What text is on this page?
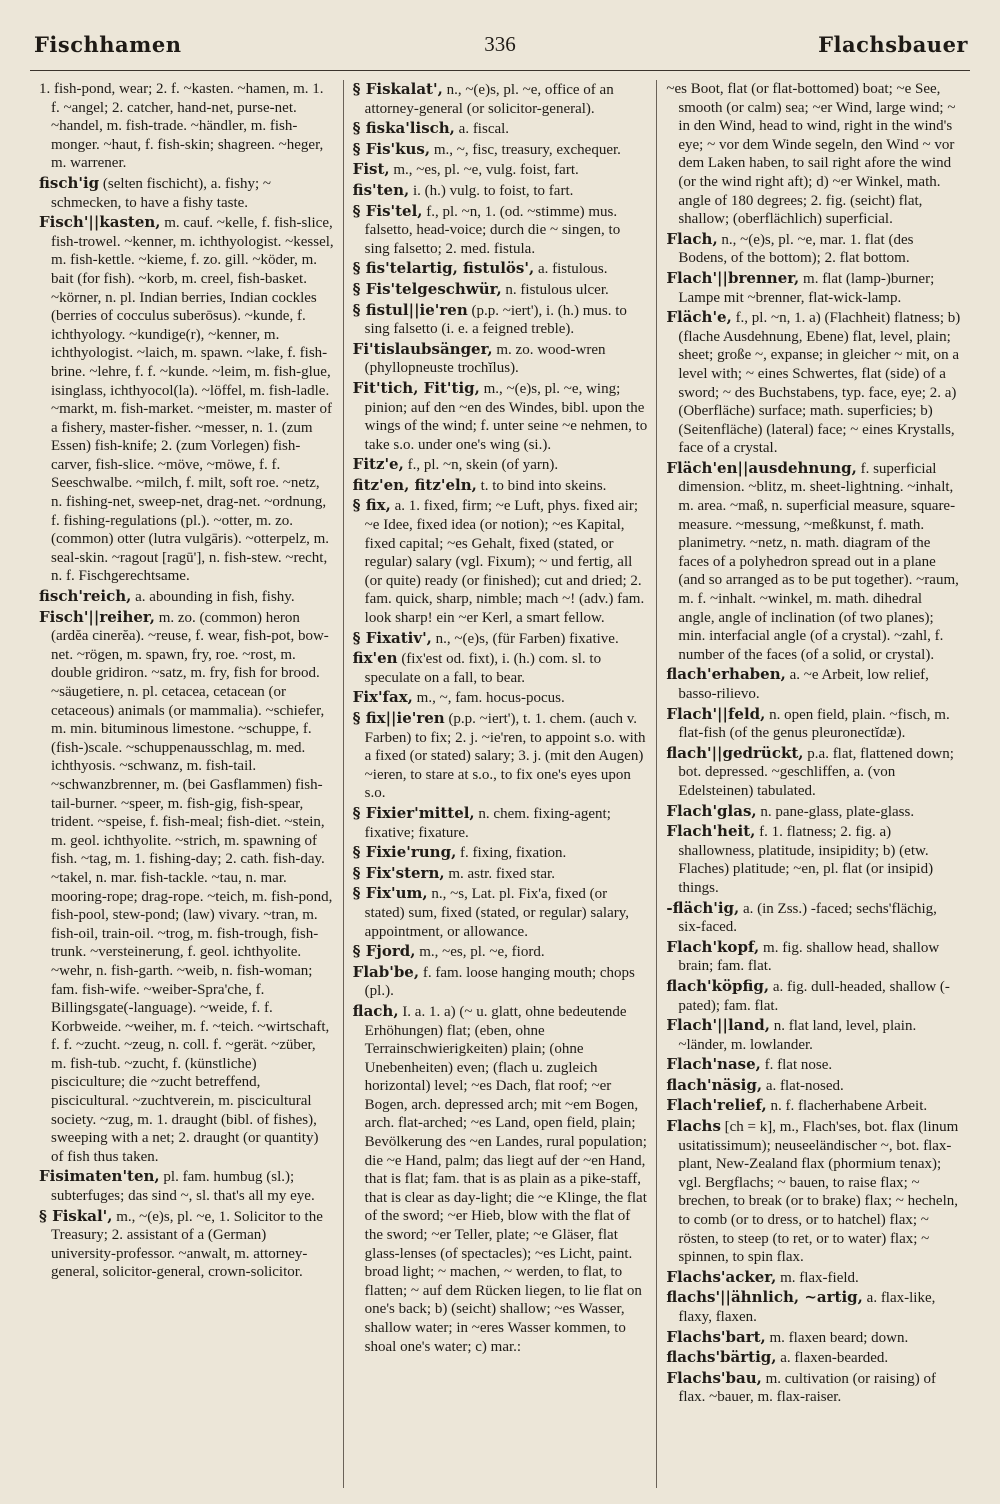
Fischhamen	336	Flachsbauer

1. fish-pond, wear; 2. f. ~kasten. ~hamen, m. 1. f. ~angel; 2. catcher, hand-net, purse-net. ~handel, m. fish-trade. ~händler, m. fish-monger. ~haut, f. fish-skin; shagreen. ~heger, m. warrener.

fisch'ig (selten fischicht), a. fishy; ~ schmecken, to have a fishy taste.

Fisch'||kasten, m. cauf. ~kelle, f. fish-slice, fish-trowel. ~kenner, m. ichthyologist. ~kessel, m. fish-kettle. ~kieme, f. zo. gill. ~köder, m. bait (for fish). ~korb, m. creel, fish-basket. ~körner, n. pl. Indian berries, Indian cockles (berries of cocculus suberōsus). ~kunde, f. ichthyology. ~kundige(r), ~kenner, m. ichthyologist. ~laich, m. spawn. ~lake, f. fish-brine. ~lehre, f. f. ~kunde. ~leim, m. fish-glue, isinglass, ichthyocol(la). ~löffel, m. fish-ladle. ~markt, m. fish-market. ~meister, m. master of a fishery, master-fisher. ~messer, n. 1. (zum Essen) fish-knife; 2. (zum Vorlegen) fish-carver, fish-slice. ~möve, ~möwe, f. f. Seeschwalbe. ~milch, f. milt, soft roe. ~netz, n. fishing-net, sweep-net, drag-net. ~ordnung, f. fishing-regulations (pl.). ~otter, m. zo. (common) otter (lutra vulgāris). ~otterpelz, m. seal-skin. ~ragout [ragū'], n. fish-stew. ~recht, n. f. Fischgerechtsame.

fisch'reich, a. abounding in fish, fishy.

Fisch'||reiher, m. zo. (common) heron (ardĕa cinerĕa). ~reuse, f. wear, fish-pot, bow-net. ~rögen, m. spawn, fry, roe. ~rost, m. double gridiron. ~satz, m. fry, fish for brood. ~säugetiere, n. pl. cetacea, cetacean (or cetaceous) animals (or mammalia). ~schiefer, m. min. bituminous limestone. ~schuppe, f. (fish-)scale. ~schuppenausschlag, m. med. ichthyosis. ~schwanz, m. fish-tail. ~schwanzbrenner, m. (bei Gasflammen) fish-tail-burner. ~speer, m. fish-gig, fish-spear, trident. ~speise, f. fish-meal; fish-diet. ~stein, m. geol. ichthyolite. ~strich, m. spawning of fish. ~tag, m. 1. fishing-day; 2. cath. fish-day. ~takel, n. mar. fish-tackle. ~tau, n. mar. mooring-rope; drag-rope. ~teich, m. fish-pond, fish-pool, stew-pond; (law) vivary. ~tran, m. fish-oil, train-oil. ~trog, m. fish-trough, fish-trunk. ~versteinerung, f. geol. ichthyolite. ~wehr, n. fish-garth. ~weib, n. fish-woman; fam. fish-wife. ~weiber-Spra'che, f. Billingsgate(-language). ~weide, f. f. Korbweide. ~weiher, m. f. ~teich. ~wirtschaft, f. f. ~zucht. ~zeug, n. coll. f. ~gerät. ~züber, m. fish-tub. ~zucht, f. (künstliche) pisciculture; die ~zucht betreffend, piscicultural. ~zuchtverein, m. piscicultural society. ~zug, m. 1. draught (bibl. of fishes), sweeping with a net; 2. draught (or quantity) of fish thus taken.

Fisimaten'ten, pl. fam. humbug (sl.); subterfuges; das sind ~, sl. that's all my eye.

§ Fiskal', m., ~(e)s, pl. ~e, 1. Solicitor to the Treasury; 2. assistant of a (German) university-professor. ~anwalt, m. attorney-general, solicitor-general, crown-solicitor.

§ Fiskalat', n., ~(e)s, pl. ~e, office of an attorney-general (or solicitor-general).

§ fiska'lisch, a. fiscal.

§ Fis'kus, m., ~, fisc, treasury, exchequer.

Fist, m., ~es, pl. ~e, vulg. foist, fart.

fis'ten, i. (h.) vulg. to foist, to fart.

§ Fis'tel, f., pl. ~n, 1. (od. ~stimme) mus. falsetto, head-voice; durch die ~ singen, to sing falsetto; 2. med. fistula.

§ fis'telartig, fistulös', a. fistulous.

§ Fis'telgeschwür, n. fistulous ulcer.

§ fistul||ie'ren (p.p. ~iert'), i. (h.) mus. to sing falsetto (i. e. a feigned treble).

Fi'tislaubsänger, m. zo. wood-wren (phyllopneuste trochĭlus).

Fit'tich, Fit'tig, m., ~(e)s, pl. ~e, wing; pinion; auf den ~en des Windes, bibl. upon the wings of the wind; f. unter seine ~e nehmen, to take s.o. under one's wing (si.).

Fitz'e, f., pl. ~n, skein (of yarn).

fitz'en, fitz'eln, t. to bind into skeins.

§ fix, a. 1. fixed, firm; ~e Luft, phys. fixed air; ~e Idee, fixed idea (or notion); ~es Kapital, fixed capital; ~es Gehalt, fixed (stated, or regular) salary (vgl. Fixum); ~ und fertig, all (or quite) ready (or finished); cut and dried; 2. fam. quick, sharp, nimble; mach ~! (adv.) fam. look sharp! ein ~er Kerl, a smart fellow.

§ Fixativ', n., ~(e)s, (für Farben) fixative.

fix'en (fix'est od. fixt), i. (h.) com. sl. to speculate on a fall, to bear.

Fix'fax, m., ~, fam. hocus-pocus.

§ fix||ie'ren (p.p. ~iert'), t. 1. chem. (auch v. Farben) to fix; 2. j. ~ie'ren, to appoint s.o. with a fixed (or stated) salary; 3. j. (mit den Augen) ~ieren, to stare at s.o., to fix one's eyes upon s.o.

§ Fixier'mittel, n. chem. fixing-agent; fixative; fixature.

§ Fixie'rung, f. fixing, fixation.

§ Fix'stern, m. astr. fixed star.

§ Fix'um, n., ~s, Lat. pl. Fix'a, fixed (or stated) sum, fixed (stated, or regular) salary, appointment, or allowance.

§ Fjord, m., ~es, pl. ~e, fiord.

Flab'be, f. fam. loose hanging mouth; chops (pl.).

flach, I. a. 1. a) (~ u. glatt, ohne bedeutende Erhöhungen) flat; (eben, ohne Terrainschwierigkeiten) plain; (ohne Unebenheiten) even; (flach u. zugleich horizontal) level; ~es Dach, flat roof; ~er Bogen, arch. depressed arch; mit ~em Bogen, arch. flat-arched; ~es Land, open field, plain; Bevölkerung des ~en Landes, rural population; die ~e Hand, palm; das liegt auf der ~en Hand, that is flat; fam. that is as plain as a pike-staff, that is clear as day-light; die ~e Klinge, the flat of the sword; ~er Hieb, blow with the flat of the sword; ~er Teller, plate; ~e Gläser, flat glass-lenses (of spectacles); ~es Licht, paint. broad light; ~ machen, ~ werden, to flat, to flatten; ~ auf dem Rücken liegen, to lie flat on one's back; b) (seicht) shallow; ~es Wasser, shallow water; in ~eres Wasser kommen, to shoal one's water; c) mar.:

~es Boot, flat (or flat-bottomed) boat; ~e See, smooth (or calm) sea; ~er Wind, large wind; ~ in den Wind, head to wind, right in the wind's eye; ~ vor dem Winde segeln, den Wind ~ vor dem Laken haben, to sail right afore the wind (or the wind right aft); d) ~er Winkel, math. angle of 180 degrees; 2. fig. (seicht) flat, shallow; (oberflächlich) superficial.

Flach, n., ~(e)s, pl. ~e, mar. 1. flat (des Bodens, of the bottom); 2. flat bottom.

Flach'||brenner, m. flat (lamp-)burner; Lampe mit ~brenner, flat-wick-lamp.

Fläch'e, f., pl. ~n, 1. a) (Flachheit) flatness; b) (flache Ausdehnung, Ebene) flat, level, plain; sheet; große ~, expanse; in gleicher ~ mit, on a level with; ~ eines Schwertes, flat (side) of a sword; ~ des Buchstabens, typ. face, eye; 2. a) (Oberfläche) surface; math. superficies; b) (Seitenfläche) (lateral) face; ~ eines Krystalls, face of a crystal.

Fläch'en||ausdehnung, f. superficial dimension. ~blitz, m. sheet-lightning. ~inhalt, m. area. ~maß, n. superficial measure, square-measure. ~messung, ~meßkunst, f. math. planimetry. ~netz, n. math. diagram of the faces of a polyhedron spread out in a plane (and so arranged as to be put together). ~raum, m. f. ~inhalt. ~winkel, m. math. dihedral angle, angle of inclination (of two planes); min. interfacial angle (of a crystal). ~zahl, f. number of the faces (of a solid, or crystal).

flach'erhaben, a. ~e Arbeit, low relief, basso-rilievo.

Flach'||feld, n. open field, plain. ~fisch, m. flat-fish (of the genus pleuronectĭdæ).

flach'||gedrückt, p.a. flat, flattened down; bot. depressed. ~geschliffen, a. (von Edelsteinen) tabulated.

Flach'glas, n. pane-glass, plate-glass.

Flach'heit, f. 1. flatness; 2. fig. a) shallowness, platitude, insipidity; b) (etw. Flaches) platitude; ~en, pl. flat (or insipid) things.

-fläch'ig, a. (in Zss.) -faced; sechs'flächig, six-faced.

Flach'kopf, m. fig. shallow head, shallow brain; fam. flat.

flach'köpfig, a. fig. dull-headed, shallow (-pated); fam. flat.

Flach'||land, n. flat land, level, plain. ~länder, m. lowlander.

Flach'nase, f. flat nose.

flach'näsig, a. flat-nosed.

Flach'relief, n. f. flacherhabene Arbeit.

Flachs [ch = k], m., Flach'ses, bot. flax (linum usitatissimum); neuseeländischer ~, bot. flax-plant, New-Zealand flax (phormium tenax); vgl. Bergflachs; ~ bauen, to raise flax; ~ brechen, to break (or to brake) flax; ~ hecheln, to comb (or to dress, or to hatchel) flax; ~ rösten, to steep (to ret, or to water) flax; ~ spinnen, to spin flax.

Flachs'acker, m. flax-field.

flachs'||ähnlich, ~artig, a. flax-like, flaxy, flaxen.

Flachs'bart, m. flaxen beard; down.

flachs'bärtig, a. flaxen-bearded.

Flachs'bau, m. cultivation (or raising) of flax. ~bauer, m. flax-raiser.
